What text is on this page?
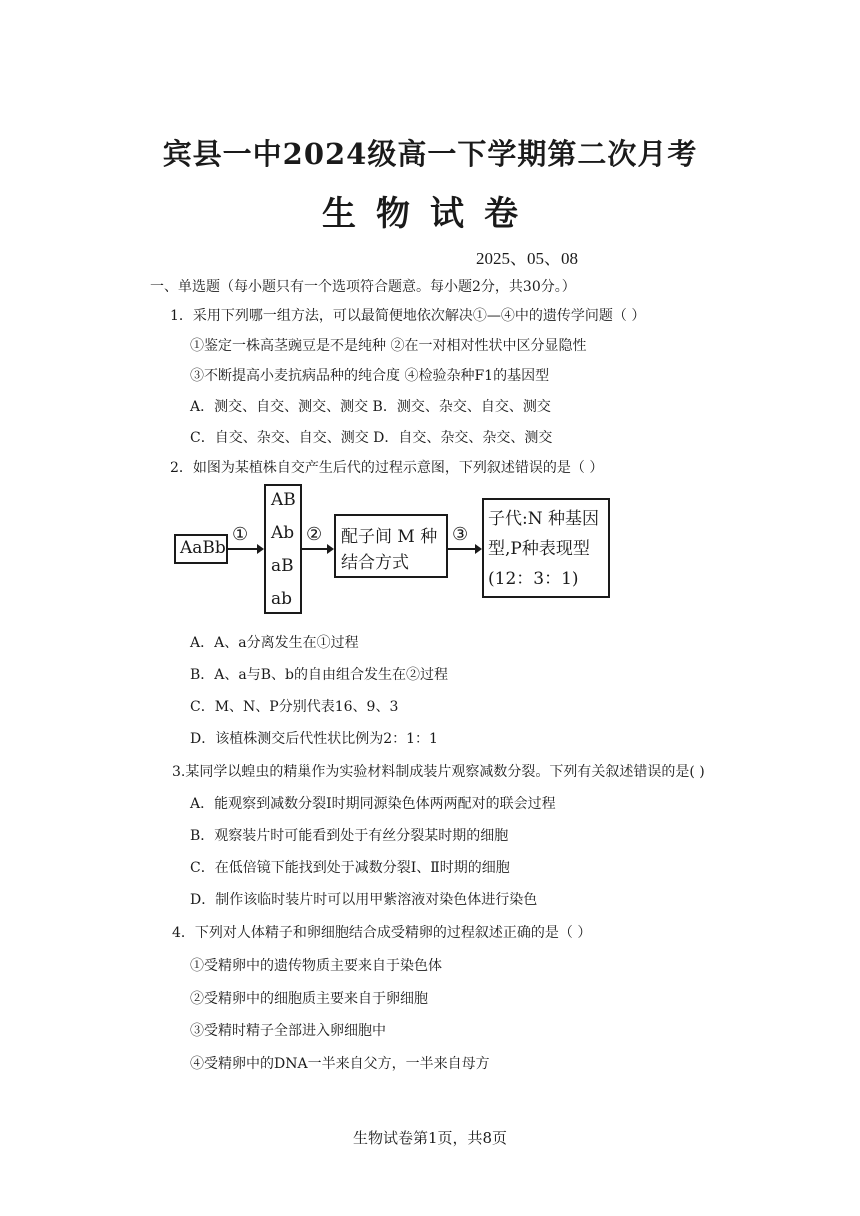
宾县一中2024级高一下学期第二次月考
生物试卷
2025、05、08
一、单选题（每小题只有一个选项符合题意。每小题2分，共30分。）
1．采用下列哪一组方法，可以最简便地依次解决①—④中的遗传学问题（ ）
①鉴定一株高茎豌豆是不是纯种 ②在一对相对性状中区分显隐性
③不断提高小麦抗病品种的纯合度 ④检验杂种F1的基因型
A．测交、自交、测交、测交 B．测交、杂交、自交、测交
C．自交、杂交、自交、测交 D．自交、杂交、杂交、测交
2．如图为某植株自交产生后代的过程示意图，下列叙述错误的是（ ）
AaBb
①
AB
Ab
aB
ab
② 配子间 M 种
结合方式
③
子代:N 种基因
型,P种表现型
(12：3：1)
A．A、a分离发生在①过程
B．A、a与B、b的自由组合发生在②过程
C．M、N、P分别代表16、9、3
D．该植株测交后代性状比例为2：1：1
3.某同学以蝗虫的精巢作为实验材料制成装片观察减数分裂。下列有关叙述错误的是( )
A．能观察到减数分裂Ⅰ时期同源染色体两两配对的联会过程
B．观察装片时可能看到处于有丝分裂某时期的细胞
C．在低倍镜下能找到处于减数分裂Ⅰ、Ⅱ时期的细胞
D．制作该临时装片时可以用甲紫溶液对染色体进行染色
4．下列对人体精子和卵细胞结合成受精卵的过程叙述正确的是（ ）
①受精卵中的遗传物质主要来自于染色体
②受精卵中的细胞质主要来自于卵细胞
③受精时精子全部进入卵细胞中
④受精卵中的DNA一半来自父方，一半来自母方
生物试卷第1页，共8页
